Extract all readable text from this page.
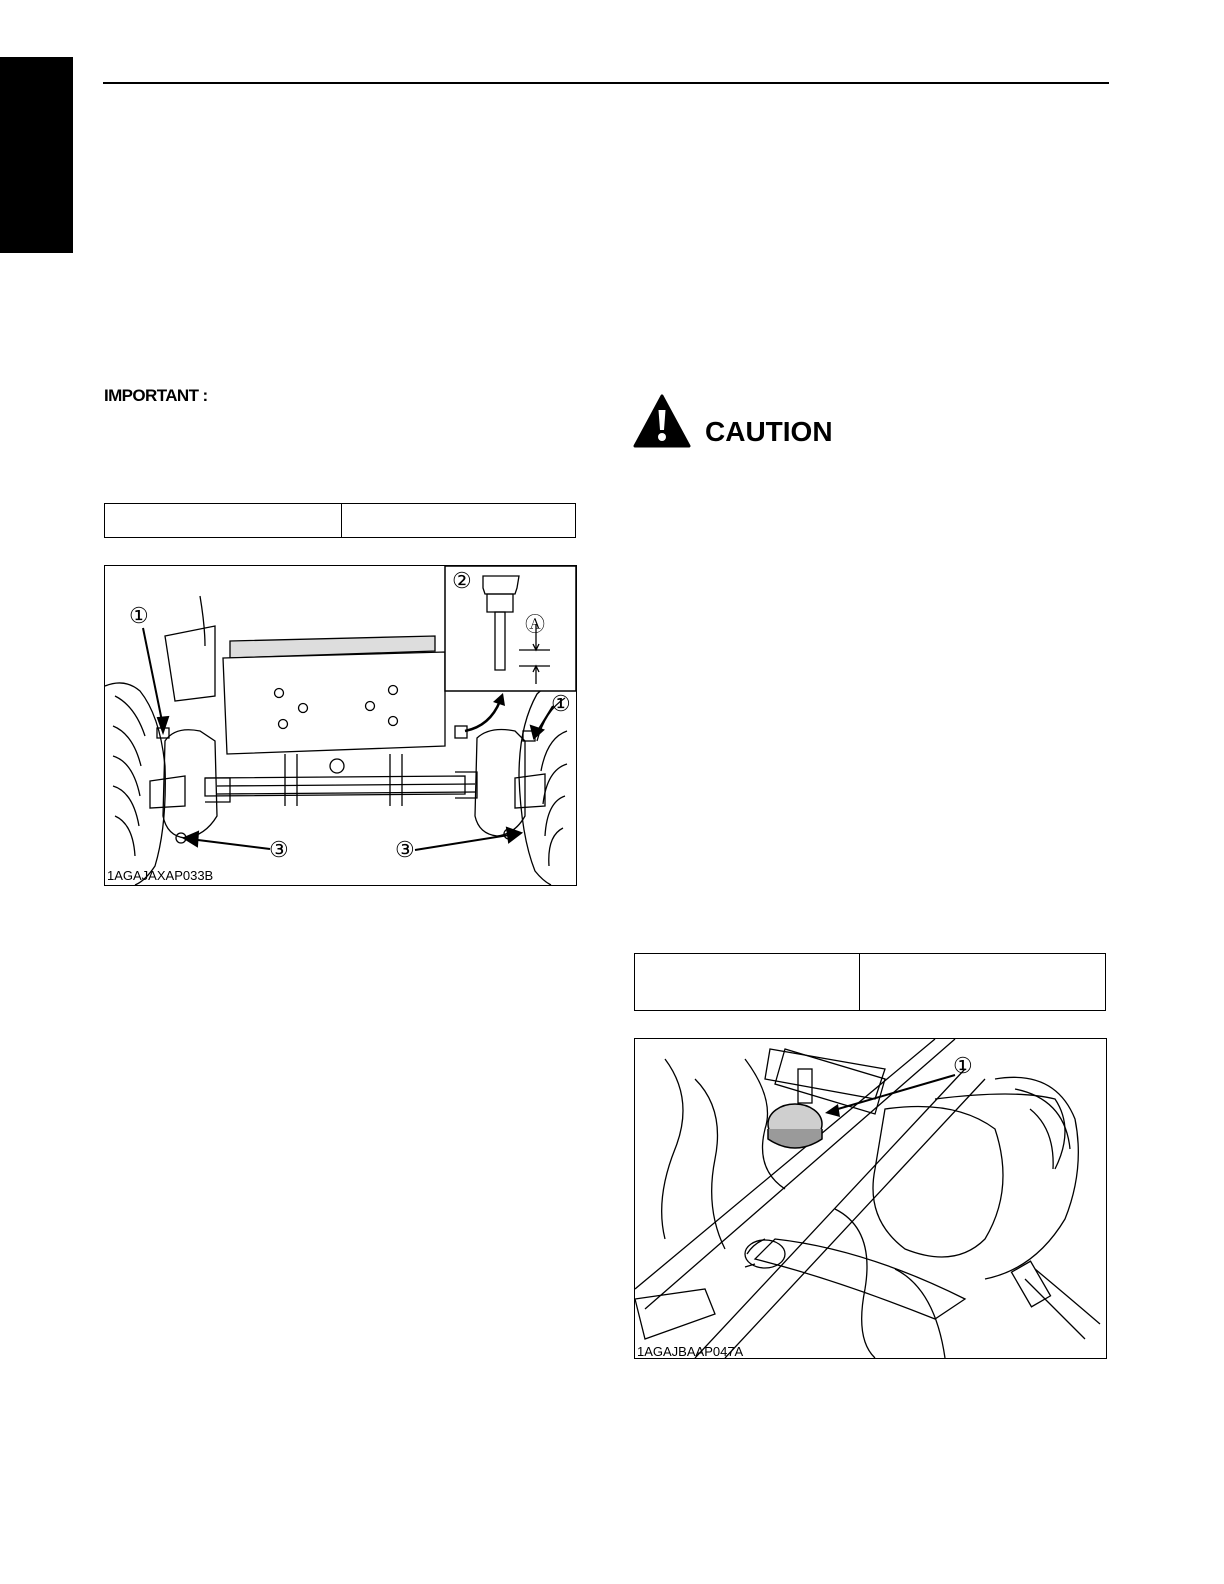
IMPORTANT :
CAUTION

①
②
Ⓐ
①
③	③
1AGAJAXAP033B
①
1AGAJBAAP047A
